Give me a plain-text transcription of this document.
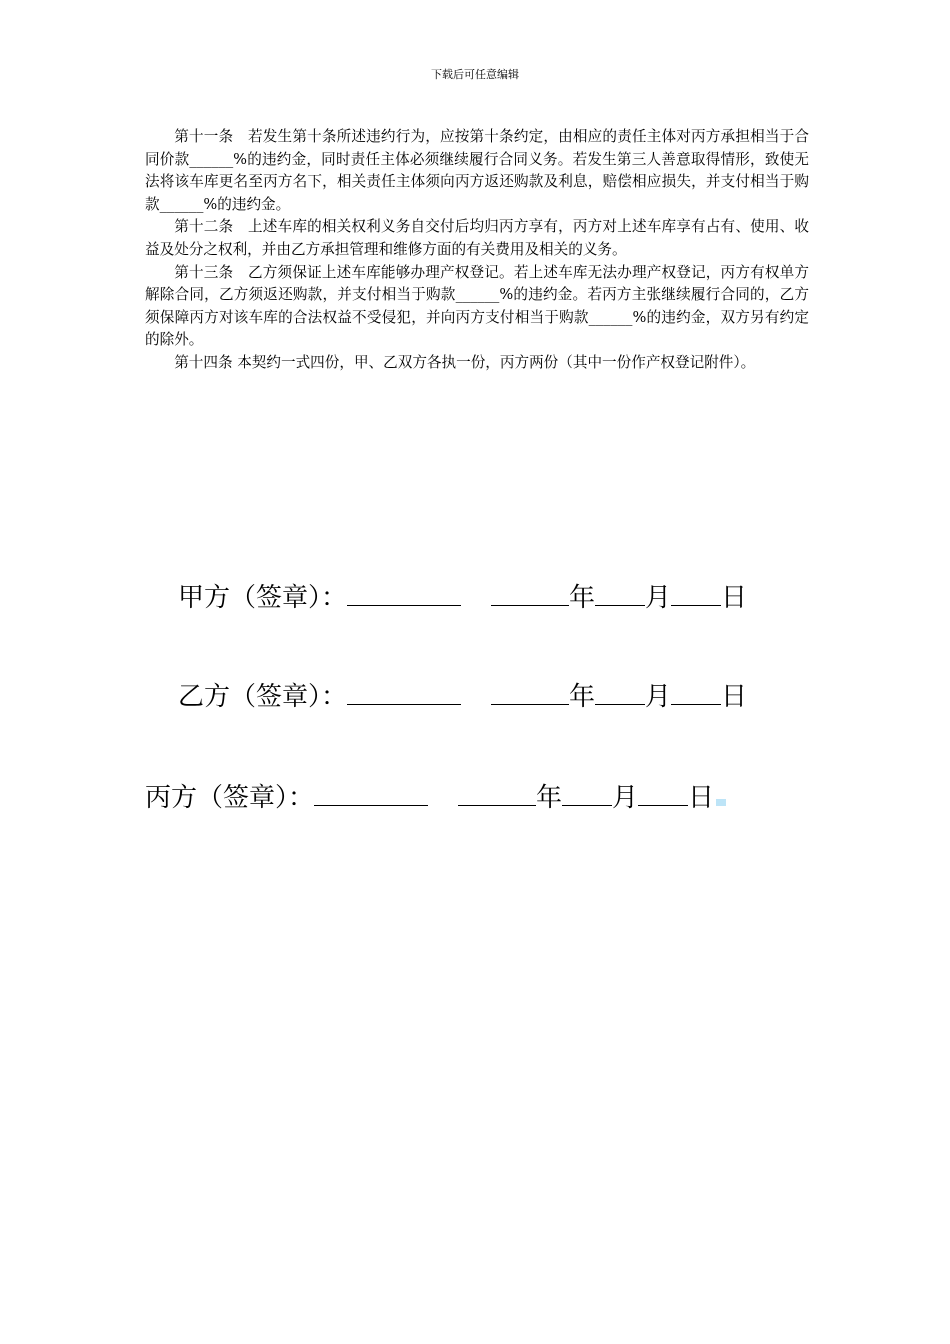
下载后可任意编辑

第十一条　若发生第十条所述违约行为，应按第十条约定，由相应的责任主体对丙方承担相当于合同价款 ______	%的违约金，同时责任主体必须继续履行合同义务。若发生第三人善意取得情形，致使无法将该车库更名至丙方名下，相关责任主体须向丙方返还购款及利息，赔偿相应损失，并支付相当于购款 ______	%的违约金。

第十二条　上述车库的相关权利义务自交付后均归丙方享有，丙方对上述车库享有占有、使用、收益及处分之权利，并由乙方承担管理和维修方面的有关费用及相关的义务。

第十三条　乙方须保证上述车库能够办理产权登记。若上述车库无法办理产权登记，丙方有权单方解除合同，乙方须返还购款，并支付相当于购款 ______	%的违约金。若丙方主张继续履行合同的，乙方须保障丙方对该车库的合法权益不受侵犯，并向丙方支付相当于购款 ______	%的违约金，双方另有约定的除外。

第十四条 本契约一式四份，甲、乙双方各执一份，丙方两份（其中一份作产权登记附件）。

甲方（签章）：	年 月 日
乙方（签章）：	年 月 日
丙方（签章）：	年 月 日
